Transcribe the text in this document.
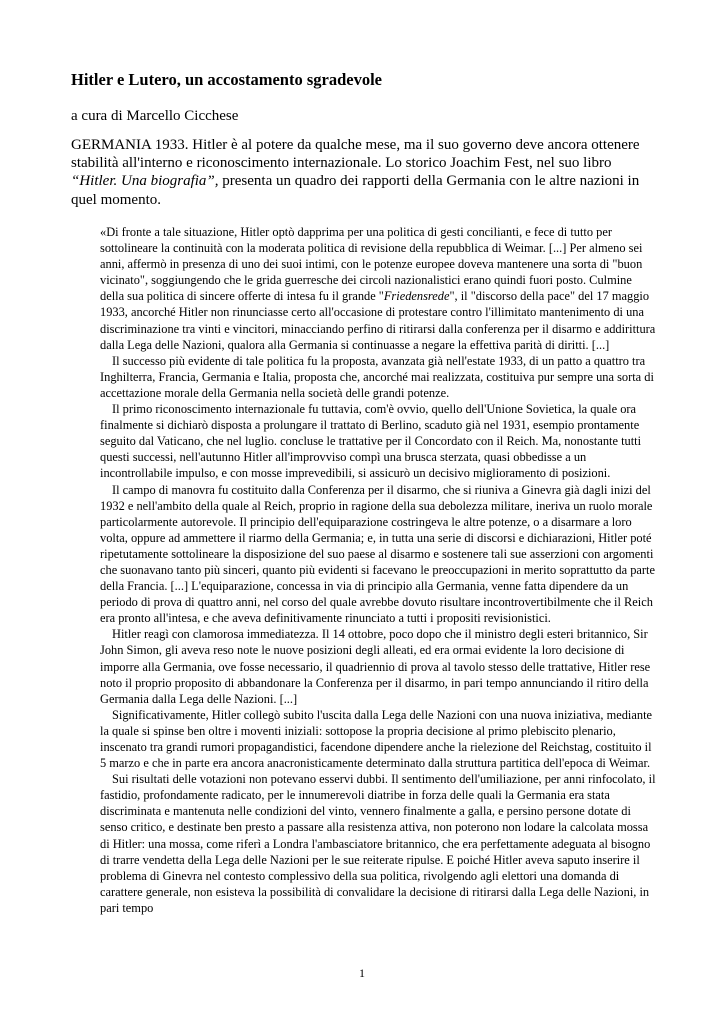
Hitler e Lutero, un accostamento sgradevole

a cura di Marcello Cicchese

GERMANIA 1933. Hitler è al potere da qualche mese, ma il suo governo deve ancora ottenere stabilità all'interno e riconoscimento internazionale. Lo storico Joachim Fest, nel suo libro “Hitler. Una biografia”, presenta un quadro dei rapporti della Germania con le altre nazioni in quel momento.

«Di fronte a tale situazione, Hitler optò dapprima per una politica di gesti concilianti, e fece di tutto per sottolineare la continuità con la moderata politica di revisione della repubblica di Weimar. [...] Per almeno sei anni, affermò in presenza di uno dei suoi intimi, con le potenze europee doveva mantenere una sorta di "buon vicinato", soggiungendo che le grida guerresche dei circoli nazionalistici erano quindi fuori posto. Culmine della sua politica di sincere offerte di intesa fu il grande "Friedensrede", il "discorso della pace" del 17 maggio 1933, ancorché Hitler non rinunciasse certo all'occasione di protestare contro l'illimitato mantenimento di una discriminazione tra vinti e vincitori, minacciando perfino di ritirarsi dalla conferenza per il disarmo e addirittura dalla Lega delle Nazioni, qualora alla Germania si continuasse a negare la effettiva parità di diritti. [...]

Il successo più evidente di tale politica fu la proposta, avanzata già nell'estate 1933, di un patto a quattro tra Inghilterra, Francia, Germania e Italia, proposta che, ancorché mai realizzata, costituiva pur sempre una sorta di accettazione morale della Germania nella società delle grandi potenze.

Il primo riconoscimento internazionale fu tuttavia, com'è ovvio, quello dell'Unione Sovietica, la quale ora finalmente si dichiarò disposta a prolungare il trattato di Berlino, scaduto già nel 1931, esempio prontamente seguito dal Vaticano, che nel luglio. concluse le trattative per il Concordato con il Reich. Ma, nonostante tutti questi successi, nell'autunno Hitler all'improvviso compì una brusca sterzata, quasi obbedisse a un incontrollabile impulso, e con mosse imprevedibili, si assicurò un decisivo miglioramento di posizioni.

Il campo di manovra fu costituito dalla Conferenza per il disarmo, che si riuniva a Ginevra già dagli inizi del 1932 e nell'ambito della quale al Reich, proprio in ragione della sua debolezza militare, ineriva un ruolo morale particolarmente autorevole. Il principio dell'equiparazione costringeva le altre potenze, o a disarmare a loro volta, oppure ad ammettere il riarmo della Germania; e, in tutta una serie di discorsi e dichiarazioni, Hitler poté ripetutamente sottolineare la disposizione del suo paese al disarmo e sostenere tali sue asserzioni con argomenti che suonavano tanto più sinceri, quanto più evidenti si facevano le preoccupazioni in merito soprattutto da parte della Francia. [...] L'equiparazione, concessa in via di principio alla Germania, venne fatta dipendere da un periodo di prova di quattro anni, nel corso del quale avrebbe dovuto risultare incontrovertibilmente che il Reich era pronto all'intesa, e che aveva definitivamente rinunciato a tutti i propositi revisionistici.

Hitler reagì con clamorosa immediatezza. Il 14 ottobre, poco dopo che il ministro degli esteri britannico, Sir John Simon, gli aveva reso note le nuove posizioni degli alleati, ed era ormai evidente la loro decisione di imporre alla Germania, ove fosse necessario, il quadriennio di prova al tavolo stesso delle trattative, Hitler rese noto il proprio proposito di abbandonare la Conferenza per il disarmo, in pari tempo annunciando il ritiro della Germania dalla Lega delle Nazioni. [...]

Significativamente, Hitler collegò subito l'uscita dalla Lega delle Nazioni con una nuova iniziativa, mediante la quale si spinse ben oltre i moventi iniziali: sottopose la propria decisione al primo plebiscito plenario, inscenato tra grandi rumori propagandistici, facendone dipendere anche la rielezione del Reichstag, costituito il 5 marzo e che in parte era ancora anacronisticamente determinato dalla struttura partitica dell'epoca di Weimar.

Sui risultati delle votazioni non potevano esservi dubbi. Il sentimento dell'umiliazione, per anni rinfocolato, il fastidio, profondamente radicato, per le innumerevoli diatribe in forza delle quali la Germania era stata discriminata e mantenuta nelle condizioni del vinto, vennero finalmente a galla, e persino persone dotate di senso critico, e destinate ben presto a passare alla resistenza attiva, non poterono non lodare la calcolata mossa di Hitler: una mossa, come riferì a Londra l'ambasciatore britannico, che era perfettamente adeguata al bisogno di trarre vendetta della Lega delle Nazioni per le sue reiterate ripulse. E poiché Hitler aveva saputo inserire il problema di Ginevra nel contesto complessivo della sua politica, rivolgendo agli elettori una domanda di carattere generale, non esisteva la possibilità di convalidare la decisione di ritirarsi dalla Lega delle Nazioni, in pari tempo

1
